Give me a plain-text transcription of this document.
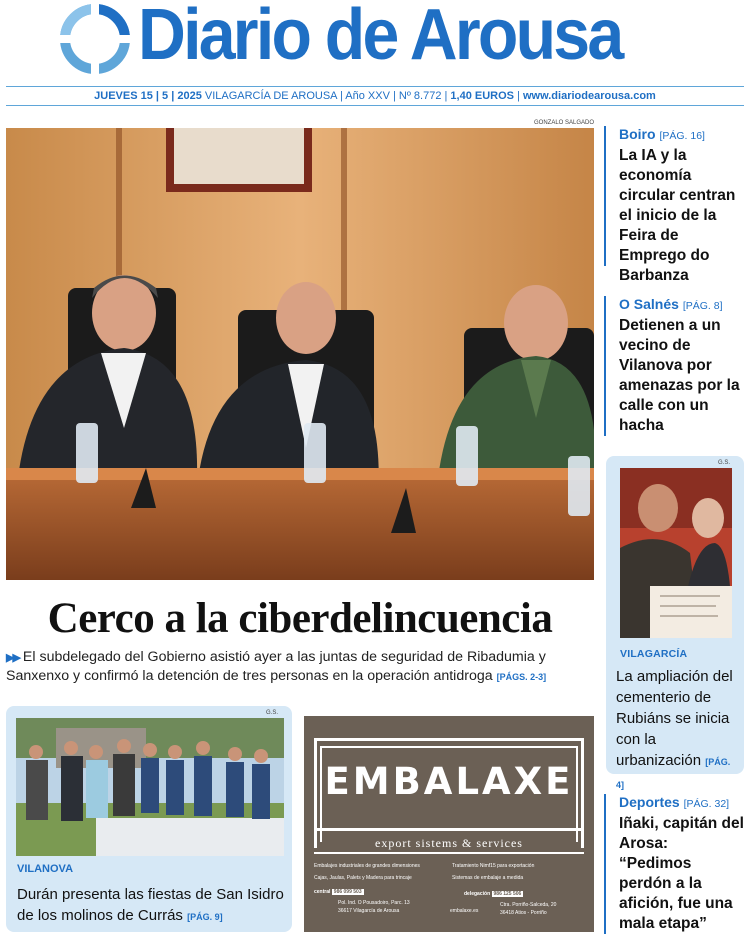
Diario de Arousa
JUEVES 15 | 5 | 2025 VILAGARCÍA DE AROUSA | Año XXV | Nº 8.772 | 1,40 EUROS | www.diariodearousa.com
GONZALO SALGADO
Cerco a la ciberdelincuencia
▶▶ El subdelegado del Gobierno asistió ayer a las juntas de seguridad de Ribadumia y Sanxenxo y confirmó la detención de tres personas en la operación antidroga [PÁGS. 2-3]
Boiro [PÁG. 16]
La IA y la economía circular centran el inicio de la Feira de Emprego do Barbanza
O Salnés [PÁG. 8]
Detienen a un vecino de Vilanova por amenazas por la calle con un hacha
G.S.
VILAGARCÍA
La ampliación del cementerio de Rubiáns se inicia con la urbanización [PÁG. 4]
Deportes [PÁG. 32]
Iñaki, capitán del Arosa: “Pedimos perdón a la afición, fue una mala etapa”
G.S.
VILANOVA
Durán presenta las fiestas de San Isidro de los molinos de Currás [PÁG. 9]
EMBALAXE
export sistems & services
Embalajes industriales de grandes dimensiones	Tratamiento Nimf15 para exportación
Cajas, Jaulas, Palets y Madera para trincaje	Sistemas de embalaje a medida
central 986 099 503
Pol. Ind. O Pousadoiro, Parc. 13
36617 Vilagarcía de Arousa	embalaxe.es
delegación 986 125 506
Ctra. Porriño-Salceda, 20
36418 Atios - Porriño
